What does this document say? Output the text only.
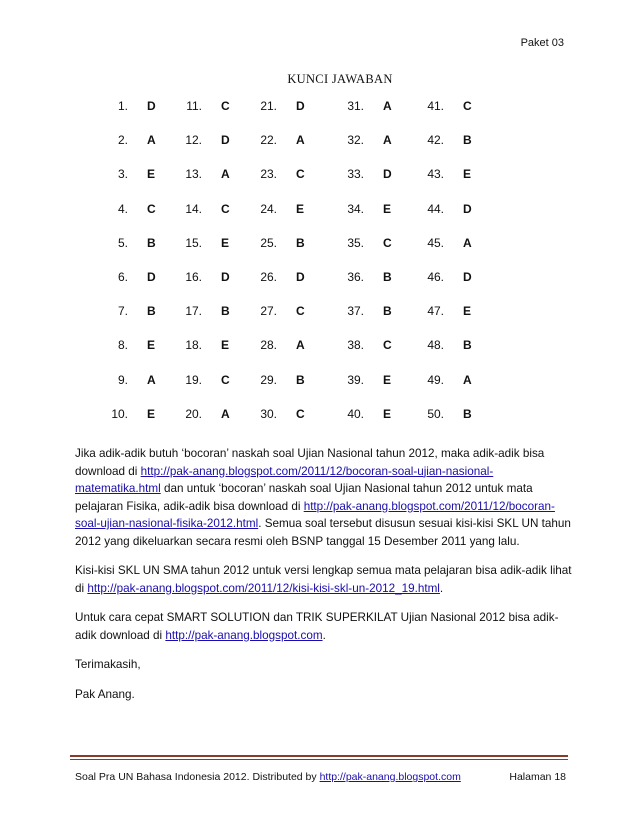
Paket 03
KUNCI JAWABAN
1. D
2. A
3. E
4. C
5. B
6. D
7. B
8. E
9. A
10. E
11. C
12. D
13. A
14. C
15. E
16. D
17. B
18. E
19. C
20. A
21. D
22. A
23. C
24. E
25. B
26. D
27. C
28. A
29. B
30. C
31. A
32. A
33. D
34. E
35. C
36. B
37. B
38. C
39. E
40. E
41. C
42. B
43. E
44. D
45. A
46. D
47. E
48. B
49. A
50. B

Jika adik-adik butuh ‘bocoran’ naskah soal Ujian Nasional tahun 2012, maka adik-adik bisa download di http://pak-anang.blogspot.com/2011/12/bocoran-soal-ujian-nasional-matematika.html dan untuk ‘bocoran’ naskah soal Ujian Nasional tahun 2012 untuk mata pelajaran Fisika, adik-adik bisa download di http://pak-anang.blogspot.com/2011/12/bocoran-soal-ujian-nasional-fisika-2012.html. Semua soal tersebut disusun sesuai kisi-kisi SKL UN tahun 2012 yang dikeluarkan secara resmi oleh BSNP tanggal 15 Desember 2011 yang lalu.

Kisi-kisi SKL UN SMA tahun 2012 untuk versi lengkap semua mata pelajaran bisa adik-adik lihat di http://pak-anang.blogspot.com/2011/12/kisi-kisi-skl-un-2012_19.html.

Untuk cara cepat SMART SOLUTION dan TRIK SUPERKILAT Ujian Nasional 2012 bisa adik-adik download di http://pak-anang.blogspot.com.

Terimakasih,

Pak Anang.

Soal Pra UN Bahasa Indonesia 2012. Distributed by http://pak-anang.blogspot.com	Halaman 18
